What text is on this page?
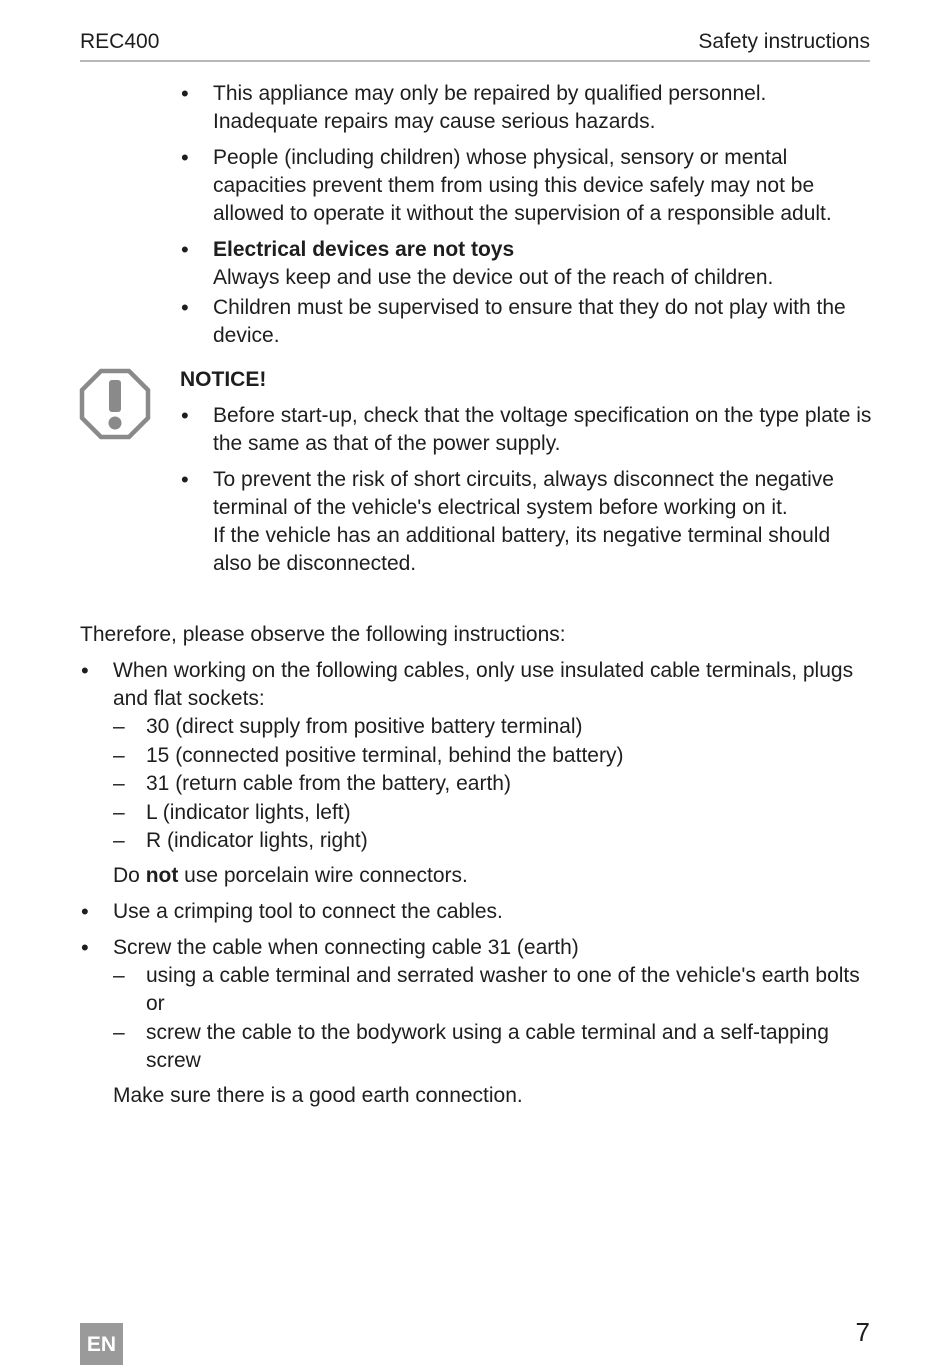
REC400	Safety instructions
• This appliance may only be repaired by qualified personnel. Inadequate repairs may cause serious hazards.
• People (including children) whose physical, sensory or mental capacities prevent them from using this device safely may not be allowed to operate it without the supervision of a responsible adult.
• Electrical devices are not toys
Always keep and use the device out of the reach of children.
• Children must be supervised to ensure that they do not play with the device.
NOTICE!
• Before start-up, check that the voltage specification on the type plate is the same as that of the power supply.
• To prevent the risk of short circuits, always disconnect the negative terminal of the vehicle's electrical system before working on it.
If the vehicle has an additional battery, its negative terminal should also be disconnected.
Therefore, please observe the following instructions:
• When working on the following cables, only use insulated cable terminals, plugs and flat sockets:
– 30 (direct supply from positive battery terminal)
– 15 (connected positive terminal, behind the battery)
– 31 (return cable from the battery, earth)
– L (indicator lights, left)
– R (indicator lights, right)
Do not use porcelain wire connectors.
• Use a crimping tool to connect the cables.
• Screw the cable when connecting cable 31 (earth)
– using a cable terminal and serrated washer to one of the vehicle's earth bolts or
– screw the cable to the bodywork using a cable terminal and a self-tapping screw
Make sure there is a good earth connection.
EN	7
